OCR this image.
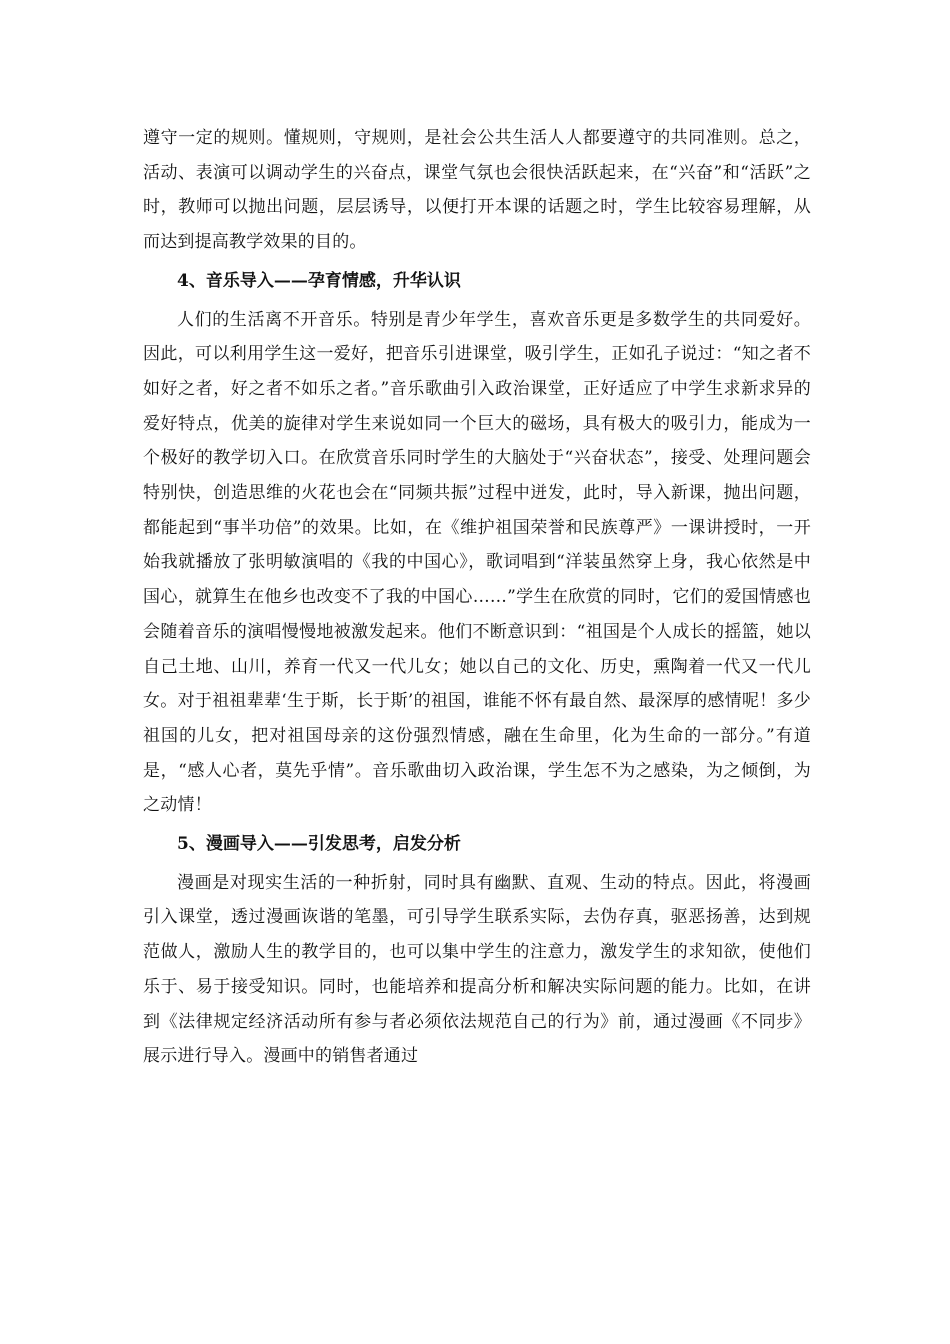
遵守一定的规则。懂规则，守规则，是社会公共生活人人都要遵守的共同准则。总之，活动、表演可以调动学生的兴奋点，课堂气氛也会很快活跃起来，在“兴奋”和“活跃”之时，教师可以抛出问题，层层诱导，以便打开本课的话题之时，学生比较容易理解，从而达到提高教学效果的目的。

4、音乐导入——孕育情感，升华认识

人们的生活离不开音乐。特别是青少年学生，喜欢音乐更是多数学生的共同爱好。因此，可以利用学生这一爱好，把音乐引进课堂，吸引学生，正如孔子说过：“知之者不如好之者，好之者不如乐之者。”音乐歌曲引入政治课堂，正好适应了中学生求新求异的爱好特点，优美的旋律对学生来说如同一个巨大的磁场，具有极大的吸引力，能成为一个极好的教学切入口。在欣赏音乐同时学生的大脑处于“兴奋状态”，接受、处理问题会特别快，创造思维的火花也会在“同频共振”过程中迸发，此时，导入新课，抛出问题，都能起到“事半功倍”的效果。比如，在《维护祖国荣誉和民族尊严》一课讲授时，一开始我就播放了张明敏演唱的《我的中国心》，歌词唱到“洋装虽然穿上身，我心依然是中国心，就算生在他乡也改变不了我的中国心……”学生在欣赏的同时，它们的爱国情感也会随着音乐的演唱慢慢地被激发起来。他们不断意识到：“祖国是个人成长的摇篮，她以自己土地、山川，养育一代又一代儿女；她以自己的文化、历史，熏陶着一代又一代儿女。对于祖祖辈辈‘生于斯，长于斯’的祖国，谁能不怀有最自然、最深厚的感情呢！多少祖国的儿女，把对祖国母亲的这份强烈情感，融在生命里，化为生命的一部分。”有道是，“感人心者，莫先乎情”。音乐歌曲切入政治课，学生怎不为之感染，为之倾倒，为之动情！

5、漫画导入——引发思考，启发分析

漫画是对现实生活的一种折射，同时具有幽默、直观、生动的特点。因此，将漫画引入课堂，透过漫画诙谐的笔墨，可引导学生联系实际，去伪存真，驱恶扬善，达到规范做人，激励人生的教学目的，也可以集中学生的注意力，激发学生的求知欲，使他们乐于、易于接受知识。同时，也能培养和提高分析和解决实际问题的能力。比如，在讲到《法律规定经济活动所有参与者必须依法规范自己的行为》前，通过漫画《不同步》展示进行导入。漫画中的销售者通过
